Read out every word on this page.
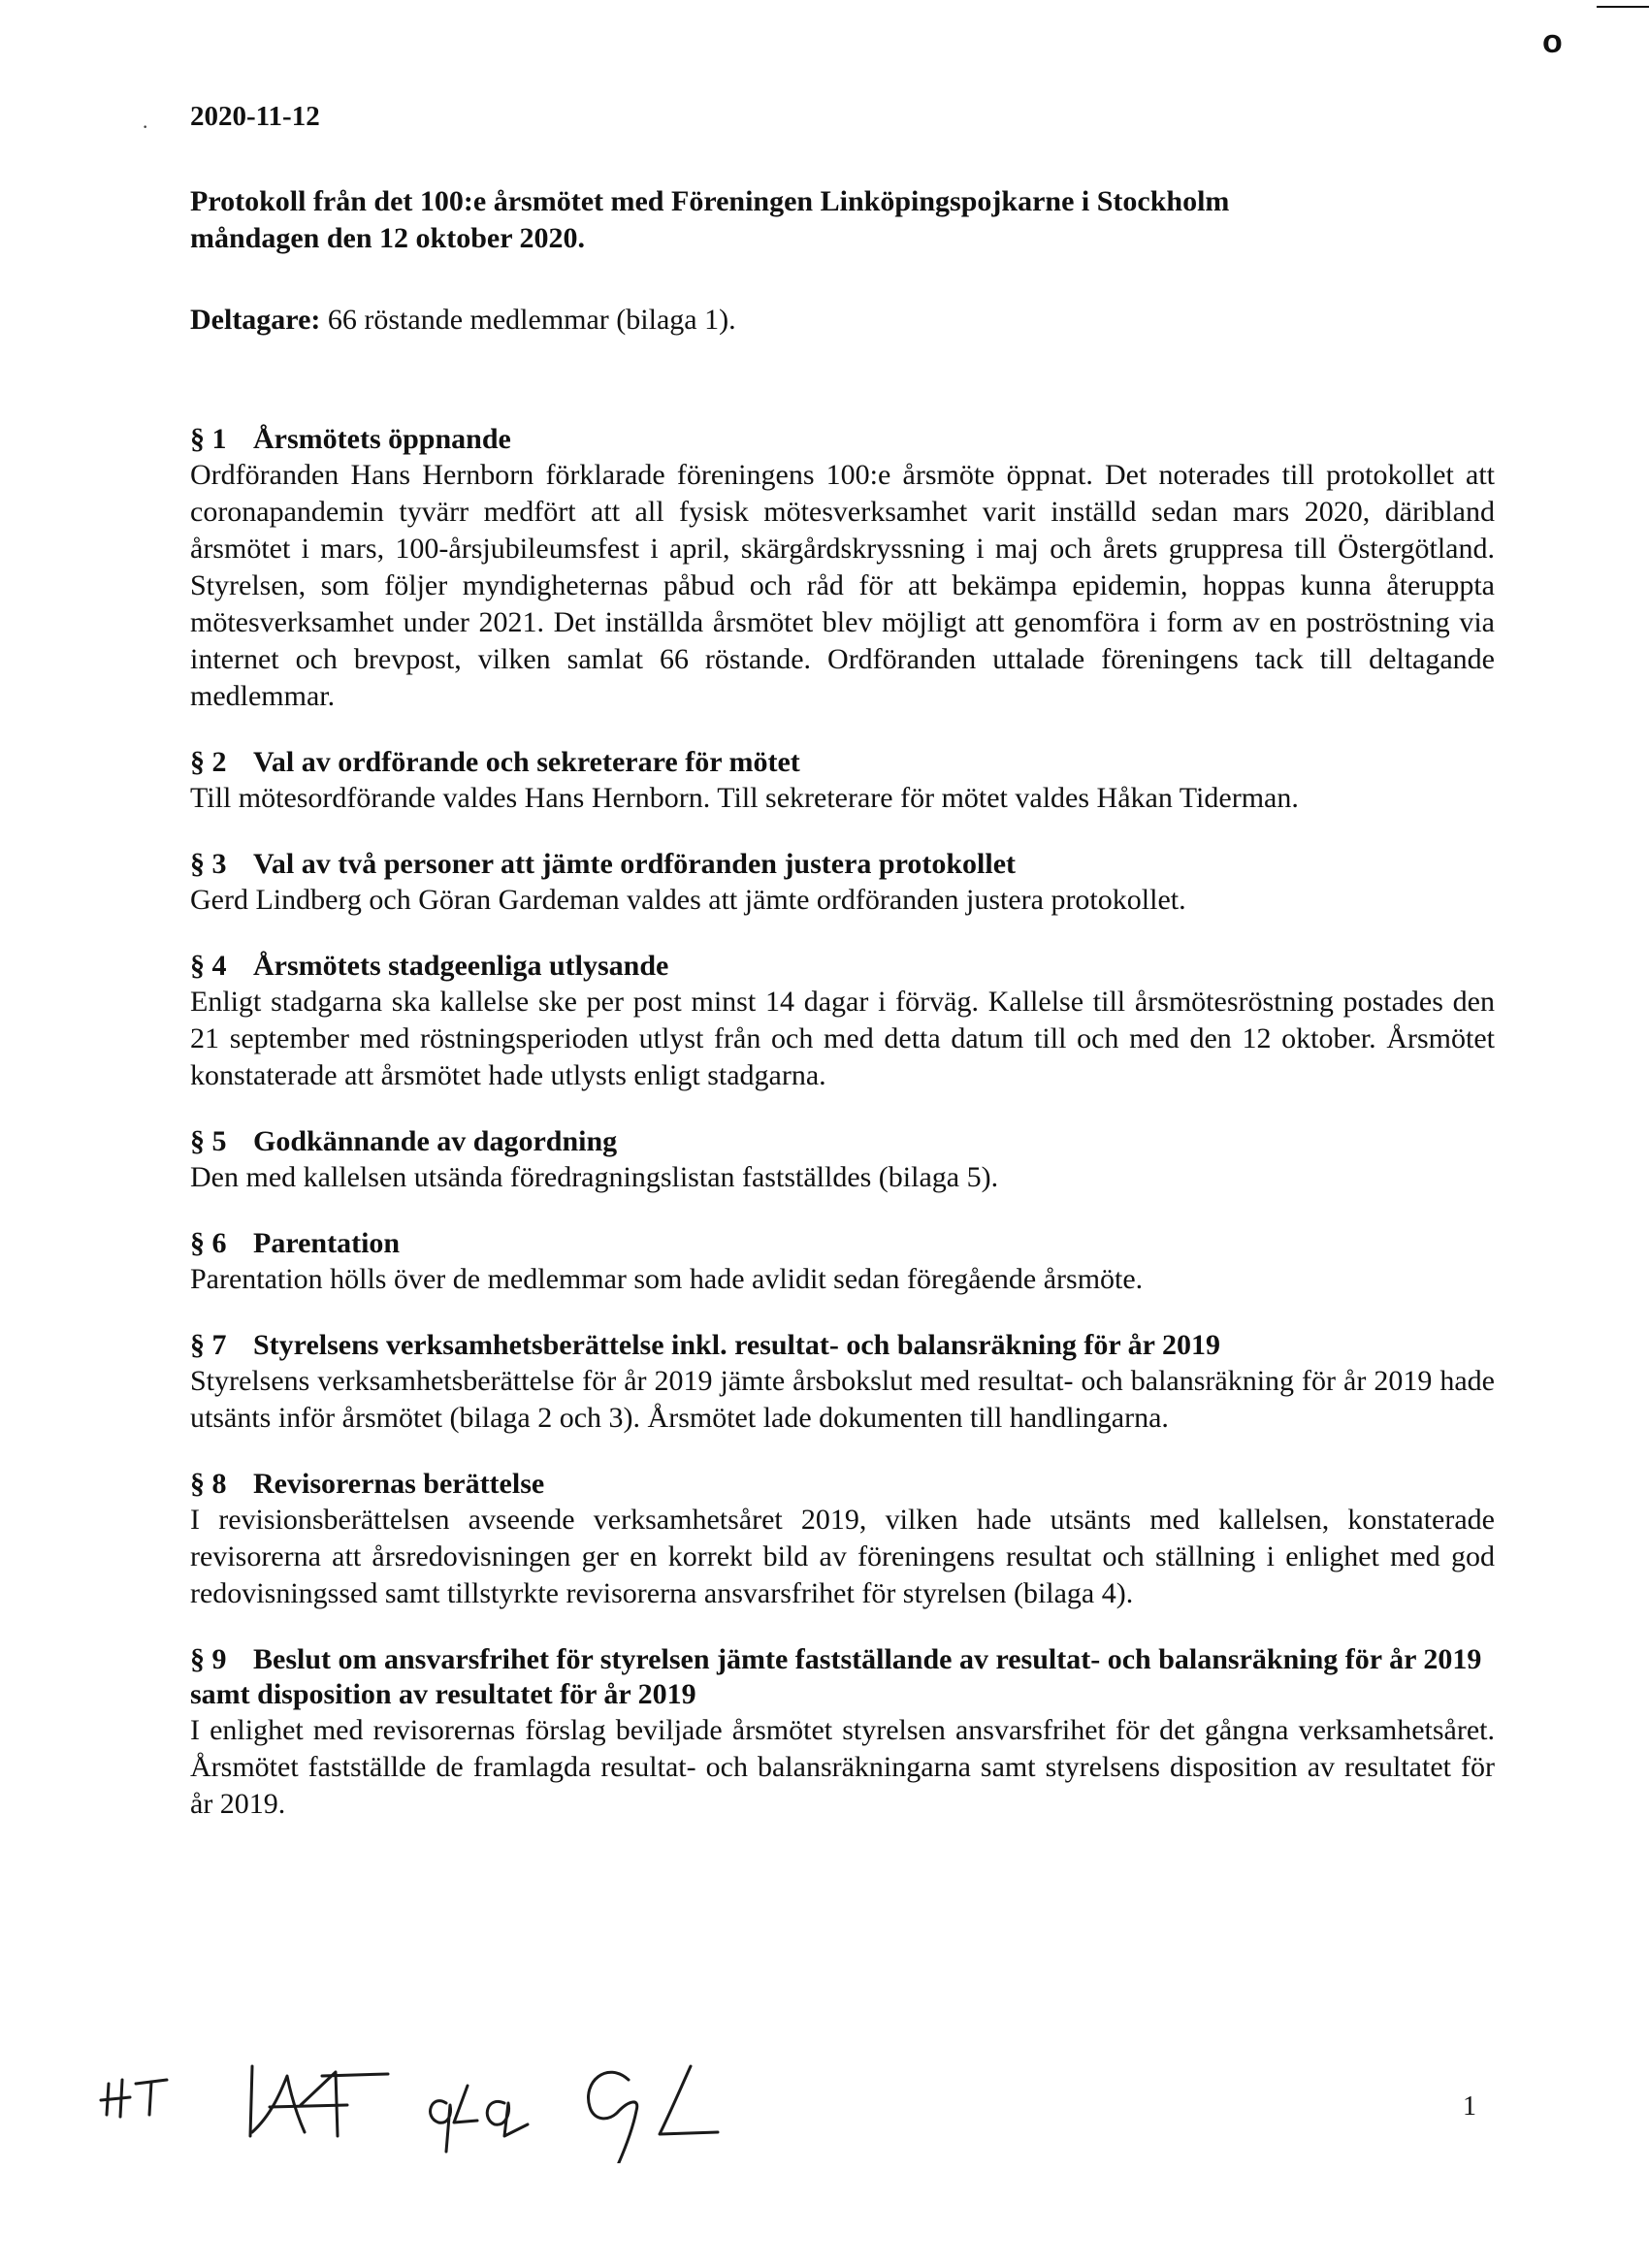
o
· 2020-11-12

Protokoll från det 100:e årsmötet med Föreningen Linköpingspojkarne i Stockholm

måndagen den 12 oktober 2020.

Deltagare: 66 röstande medlemmar (bilaga 1).

§ 1 Årsmötets öppnande

Ordföranden Hans Hernborn förklarade föreningens 100:e årsmöte öppnat. Det noterades till protokollet att coronapandemin tyvärr medfört att all fysisk mötesverksamhet varit inställd sedan mars 2020, däribland årsmötet i mars, 100-årsjubileumsfest i april, skärgårdskryssning i maj och årets gruppresa till Östergötland. Styrelsen, som följer myndigheternas påbud och råd för att bekämpa epidemin, hoppas kunna återuppta mötesverksamhet under 2021. Det inställda årsmötet blev möjligt att genomföra i form av en poströstning via internet och brevpost, vilken samlat 66 röstande. Ordföranden uttalade föreningens tack till deltagande medlemmar.

§ 2 Val av ordförande och sekreterare för mötet

Till mötesordförande valdes Hans Hernborn. Till sekreterare för mötet valdes Håkan Tiderman.

§ 3 Val av två personer att jämte ordföranden justera protokollet

Gerd Lindberg och Göran Gardeman valdes att jämte ordföranden justera protokollet.

§ 4 Årsmötets stadgeenliga utlysande

Enligt stadgarna ska kallelse ske per post minst 14 dagar i förväg. Kallelse till årsmötesröstning postades den 21 september med röstningsperioden utlyst från och med detta datum till och med den 12 oktober. Årsmötet konstaterade att årsmötet hade utlysts enligt stadgarna.

§ 5 Godkännande av dagordning

Den med kallelsen utsända föredragningslistan fastställdes (bilaga 5).

§ 6 Parentation

Parentation hölls över de medlemmar som hade avlidit sedan föregående årsmöte.

§ 7 Styrelsens verksamhetsberättelse inkl. resultat- och balansräkning för år 2019

Styrelsens verksamhetsberättelse för år 2019 jämte årsbokslut med resultat- och balansräkning för år 2019 hade utsänts inför årsmötet (bilaga 2 och 3). Årsmötet lade dokumenten till handlingarna.

§ 8 Revisorernas berättelse

I revisionsberättelsen avseende verksamhetsåret 2019, vilken hade utsänts med kallelsen, konstaterade revisorerna att årsredovisningen ger en korrekt bild av föreningens resultat och ställning i enlighet med god redovisningssed samt tillstyrkte revisorerna ansvarsfrihet för styrelsen (bilaga 4).

§ 9 Beslut om ansvarsfrihet för styrelsen jämte fastställande av resultat- och balansräkning för år 2019 samt disposition av resultatet för år 2019

I enlighet med revisorernas förslag beviljade årsmötet styrelsen ansvarsfrihet för det gångna verksamhetsåret. Årsmötet fastställde de framlagda resultat- och balansräkningarna samt styrelsens disposition av resultatet för år 2019.

1
